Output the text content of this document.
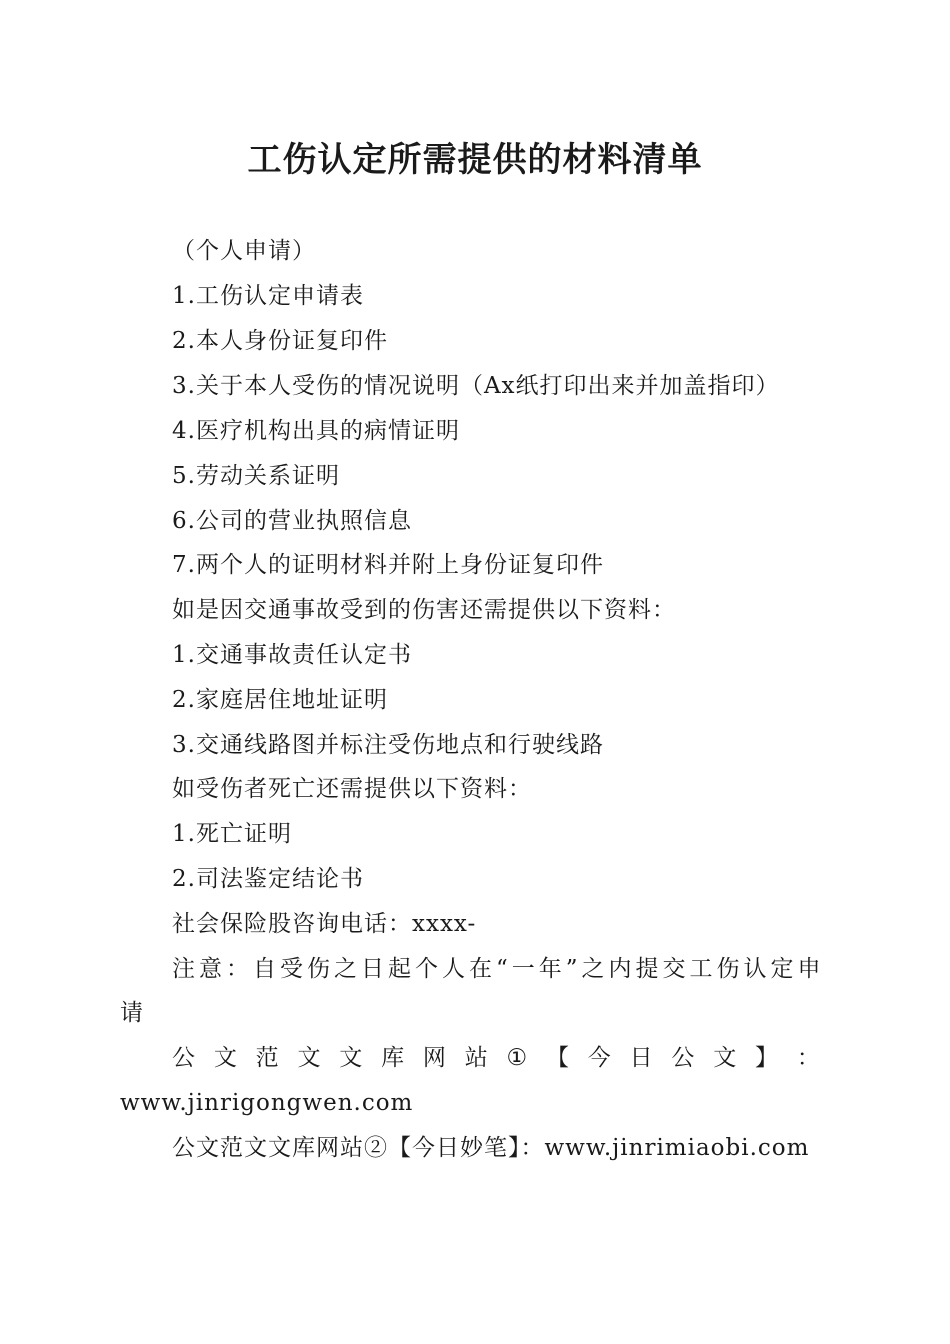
工伤认定所需提供的材料清单
（个人申请）
1.工伤认定申请表
2.本人身份证复印件
3.关于本人受伤的情况说明（Ax纸打印出来并加盖指印）
4.医疗机构出具的病情证明
5.劳动关系证明
6.公司的营业执照信息
7.两个人的证明材料并附上身份证复印件
如是因交通事故受到的伤害还需提供以下资料：
1.交通事故责任认定书
2.家庭居住地址证明
3.交通线路图并标注受伤地点和行驶线路
如受伤者死亡还需提供以下资料：
1.死亡证明
2.司法鉴定结论书
社会保险股咨询电话：xxxx-
注意：自受伤之日起个人在“一年”之内提交工伤认定申
请
公 文 范 文 文 库 网 站 ① 【 今 日 公 文 】 ：
www.jinrigongwen.com
公文范文文库网站②【今日妙笔】：www.jinrimiaobi.com
